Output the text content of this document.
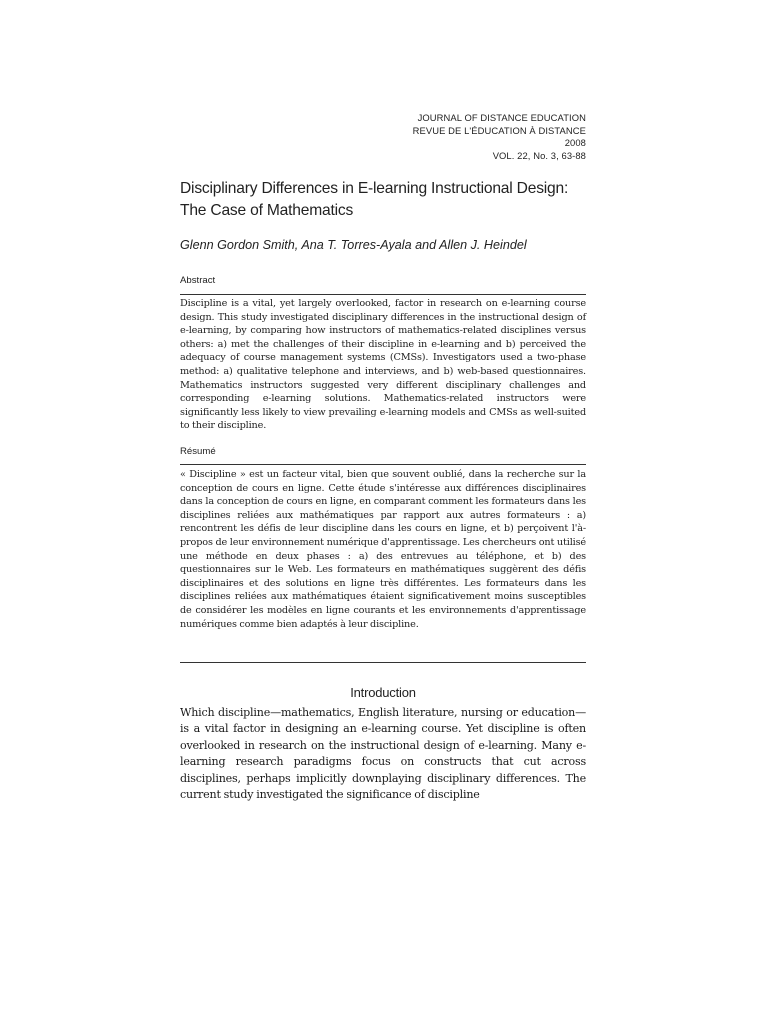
JOURNAL OF DISTANCE EDUCATION
REVUE DE L'ÉDUCATION À DISTANCE
2008
VOL. 22, No. 3, 63-88
Disciplinary Differences in E-learning Instructional Design: The Case of Mathematics
Glenn Gordon Smith, Ana T. Torres-Ayala and Allen J. Heindel
Abstract
Discipline is a vital, yet largely overlooked, factor in research on e-learning course design. This study investigated disciplinary differences in the instructional design of e-learning, by comparing how instructors of mathematics-related disciplines versus others: a) met the challenges of their discipline in e-learning and b) perceived the adequacy of course management systems (CMSs). Investigators used a two-phase method: a) qualitative telephone and interviews, and b) web-based questionnaires. Mathematics instructors suggested very different disciplinary challenges and corresponding e-learning solutions. Mathematics-related instructors were significantly less likely to view prevailing e-learning models and CMSs as well-suited to their discipline.
Résumé
« Discipline » est un facteur vital, bien que souvent oublié, dans la recherche sur la conception de cours en ligne. Cette étude s'intéresse aux différences disciplinaires dans la conception de cours en ligne, en comparant comment les formateurs dans les disciplines reliées aux mathématiques par rapport aux autres formateurs : a) rencontrent les défis de leur discipline dans les cours en ligne, et b) perçoivent l'à-propos de leur environnement numérique d'apprentissage. Les chercheurs ont utilisé une méthode en deux phases : a) des entrevues au téléphone, et b) des questionnaires sur le Web. Les formateurs en mathématiques suggèrent des défis disciplinaires et des solutions en ligne très différentes. Les formateurs dans les disciplines reliées aux mathématiques étaient significativement moins susceptibles de considérer les modèles en ligne courants et les environnements d'apprentissage numériques comme bien adaptés à leur discipline.
Introduction
Which discipline—mathematics, English literature, nursing or education—is a vital factor in designing an e-learning course. Yet discipline is often overlooked in research on the instructional design of e-learning. Many e-learning research paradigms focus on constructs that cut across disciplines, perhaps implicitly downplaying disciplinary differences. The current study investigated the significance of discipline
